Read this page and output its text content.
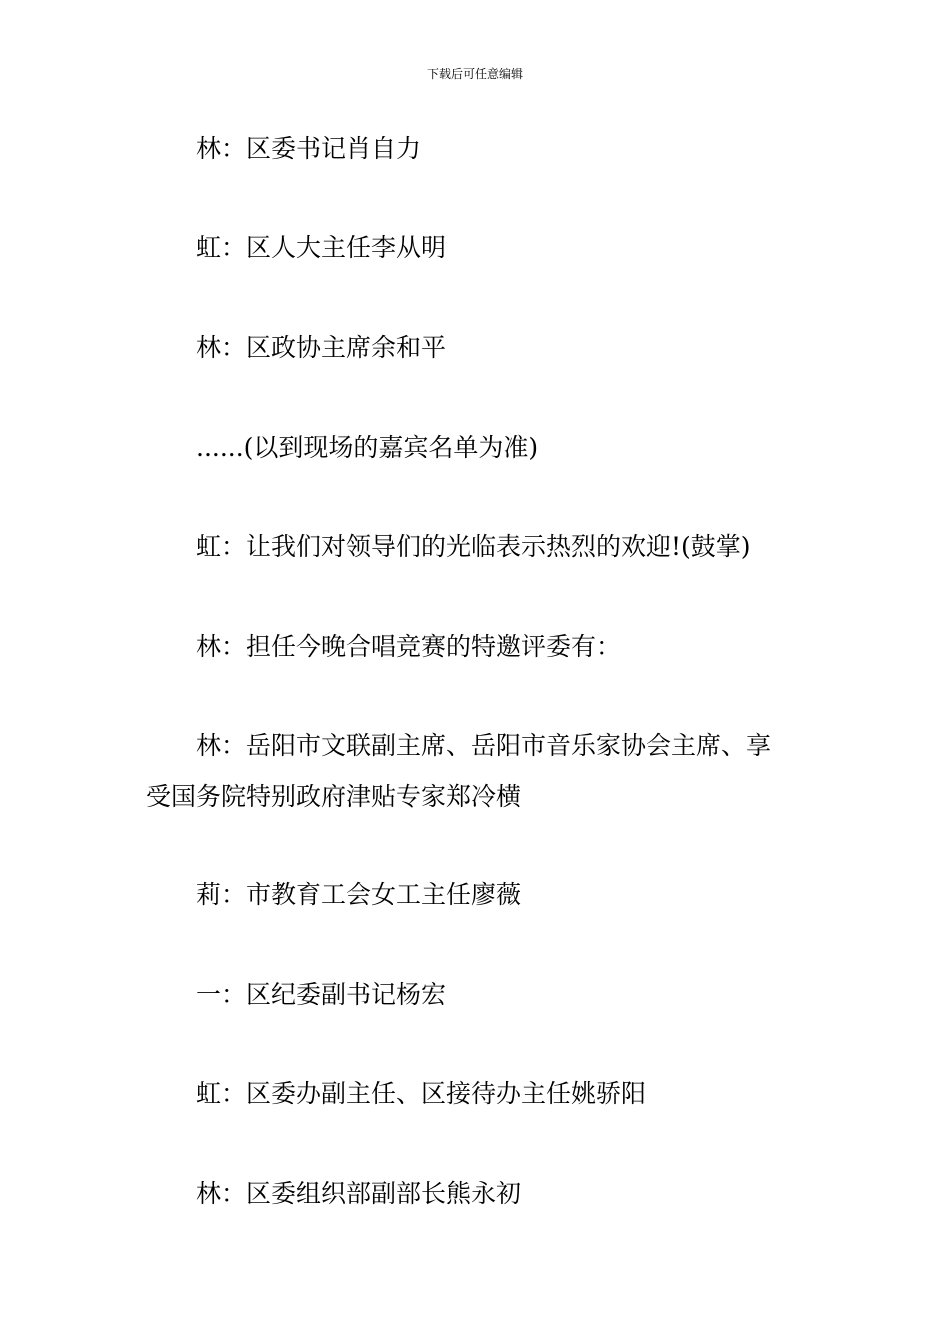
下载后可任意编辑
林：区委书记肖自力
虹：区人大主任李从明
林：区政协主席余和平
......(以到现场的嘉宾名单为准)
虹：让我们对领导们的光临表示热烈的欢迎!(鼓掌)
林：担任今晚合唱竞赛的特邀评委有：
林：岳阳市文联副主席、岳阳市音乐家协会主席、享
受国务院特别政府津贴专家郑冷横
莉：市教育工会女工主任廖薇
一：区纪委副书记杨宏
虹：区委办副主任、区接待办主任姚骄阳
林：区委组织部副部长熊永初
